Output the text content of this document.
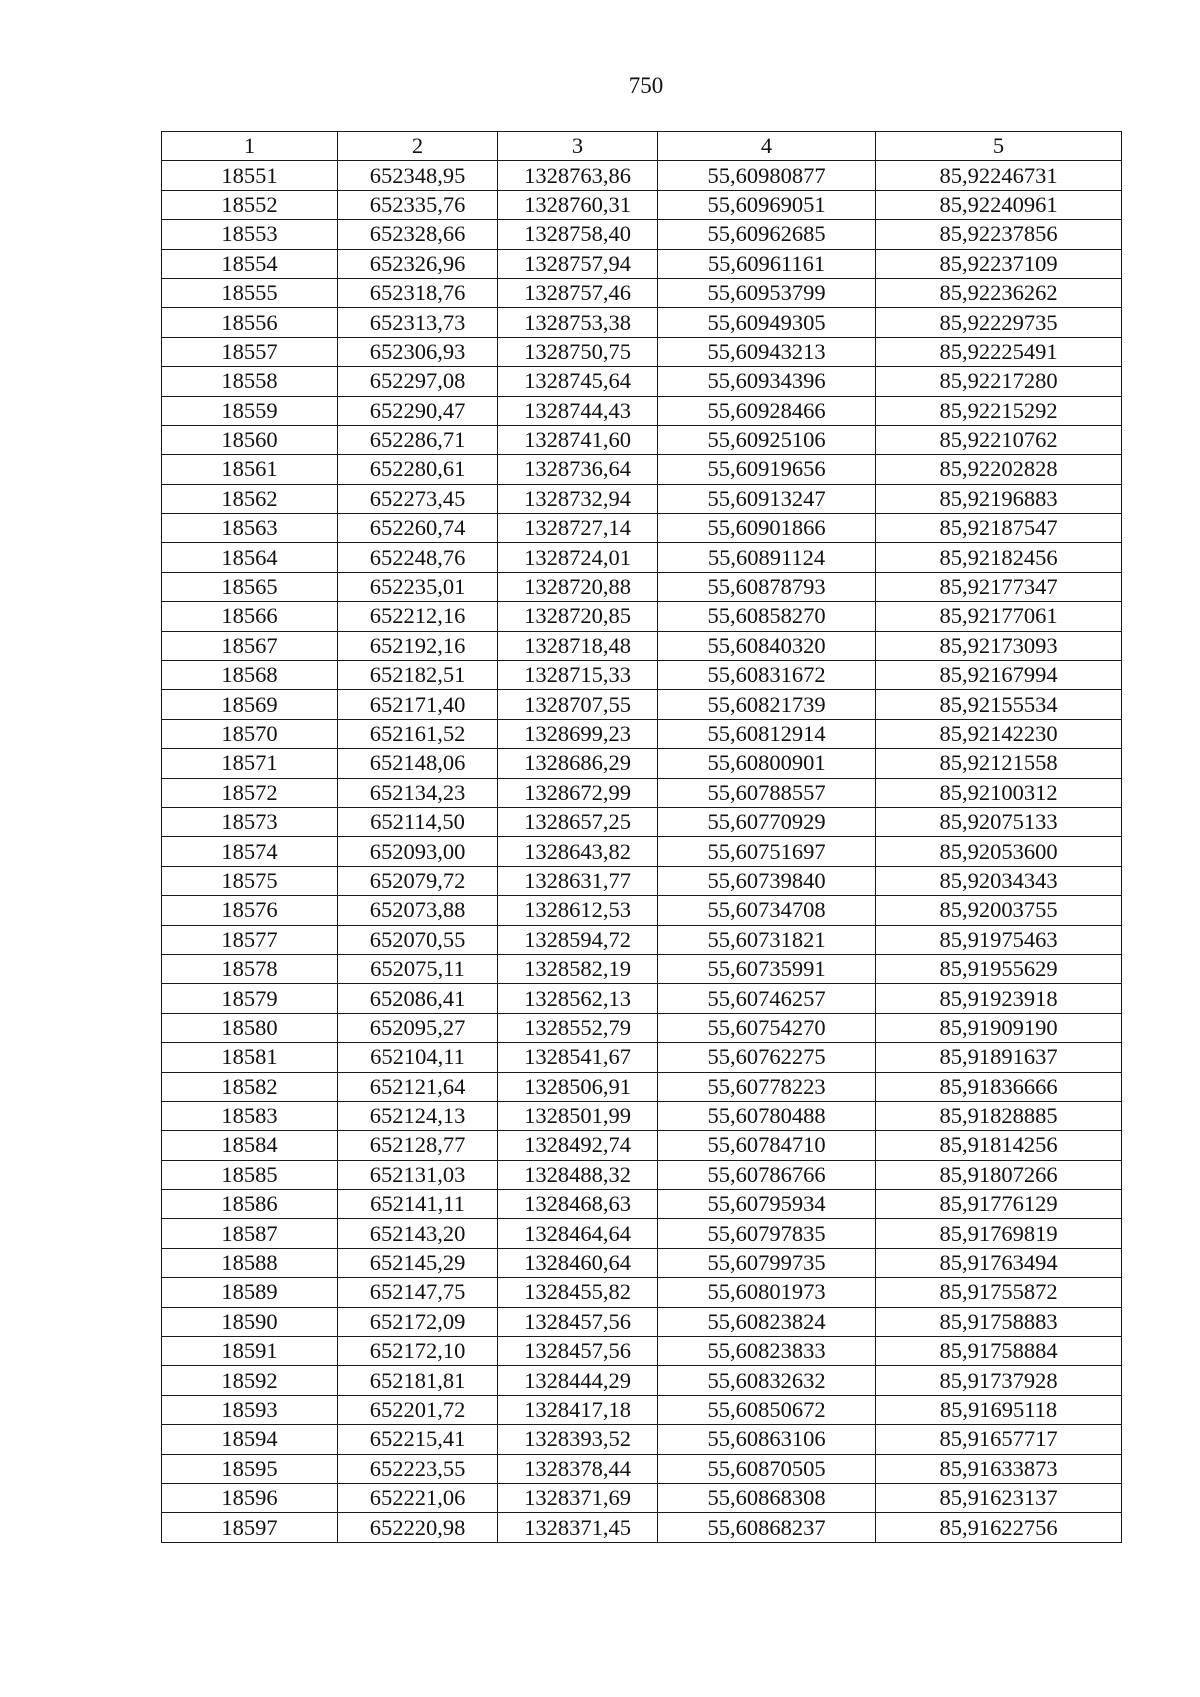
750
1	2	3	4	5
18551	652348,95	1328763,86	55,60980877	85,92246731
18552	652335,76	1328760,31	55,60969051	85,92240961
18553	652328,66	1328758,40	55,60962685	85,92237856
18554	652326,96	1328757,94	55,60961161	85,92237109
18555	652318,76	1328757,46	55,60953799	85,92236262
18556	652313,73	1328753,38	55,60949305	85,92229735
18557	652306,93	1328750,75	55,60943213	85,92225491
18558	652297,08	1328745,64	55,60934396	85,92217280
18559	652290,47	1328744,43	55,60928466	85,92215292
18560	652286,71	1328741,60	55,60925106	85,92210762
18561	652280,61	1328736,64	55,60919656	85,92202828
18562	652273,45	1328732,94	55,60913247	85,92196883
18563	652260,74	1328727,14	55,60901866	85,92187547
18564	652248,76	1328724,01	55,60891124	85,92182456
18565	652235,01	1328720,88	55,60878793	85,92177347
18566	652212,16	1328720,85	55,60858270	85,92177061
18567	652192,16	1328718,48	55,60840320	85,92173093
18568	652182,51	1328715,33	55,60831672	85,92167994
18569	652171,40	1328707,55	55,60821739	85,92155534
18570	652161,52	1328699,23	55,60812914	85,92142230
18571	652148,06	1328686,29	55,60800901	85,92121558
18572	652134,23	1328672,99	55,60788557	85,92100312
18573	652114,50	1328657,25	55,60770929	85,92075133
18574	652093,00	1328643,82	55,60751697	85,92053600
18575	652079,72	1328631,77	55,60739840	85,92034343
18576	652073,88	1328612,53	55,60734708	85,92003755
18577	652070,55	1328594,72	55,60731821	85,91975463
18578	652075,11	1328582,19	55,60735991	85,91955629
18579	652086,41	1328562,13	55,60746257	85,91923918
18580	652095,27	1328552,79	55,60754270	85,91909190
18581	652104,11	1328541,67	55,60762275	85,91891637
18582	652121,64	1328506,91	55,60778223	85,91836666
18583	652124,13	1328501,99	55,60780488	85,91828885
18584	652128,77	1328492,74	55,60784710	85,91814256
18585	652131,03	1328488,32	55,60786766	85,91807266
18586	652141,11	1328468,63	55,60795934	85,91776129
18587	652143,20	1328464,64	55,60797835	85,91769819
18588	652145,29	1328460,64	55,60799735	85,91763494
18589	652147,75	1328455,82	55,60801973	85,91755872
18590	652172,09	1328457,56	55,60823824	85,91758883
18591	652172,10	1328457,56	55,60823833	85,91758884
18592	652181,81	1328444,29	55,60832632	85,91737928
18593	652201,72	1328417,18	55,60850672	85,91695118
18594	652215,41	1328393,52	55,60863106	85,91657717
18595	652223,55	1328378,44	55,60870505	85,91633873
18596	652221,06	1328371,69	55,60868308	85,91623137
18597	652220,98	1328371,45	55,60868237	85,91622756
